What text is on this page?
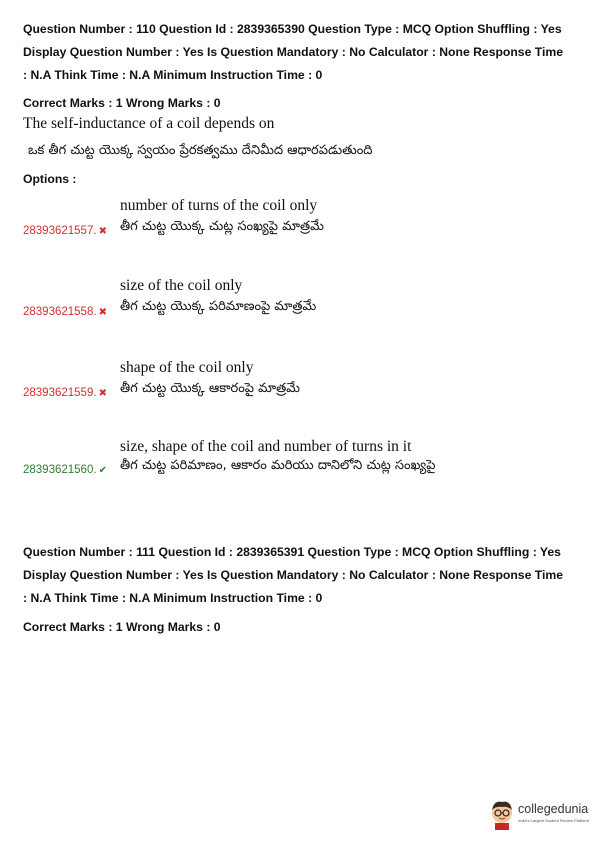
Question Number : 110 Question Id : 2839365390 Question Type : MCQ Option Shuffling : Yes
Display Question Number : Yes Is Question Mandatory : No Calculator : None Response Time
: N.A Think Time : N.A Minimum Instruction Time : 0
Correct Marks : 1 Wrong Marks : 0
The self-inductance of a coil depends on
ఒక తీగ చుట్ట యొక్క స్వయం ప్రేరకత్వము దేనిమీద ఆధారపడుతుంది
Options :
number of turns of the coil only
28393621557. ✖ తీగ చుట్ట యొక్క చుట్ల సంఖ్యపై మాత్రమే
size of the coil only
28393621558. ✖ తీగ చుట్ట యొక్క పరిమాణంపై మాత్రమే
shape of the coil only
28393621559. ✖ తీగ చుట్ట యొక్క ఆకారంపై మాత్రమే
size, shape of the coil and number of turns in it
28393621560. ✔ తీగ చుట్ట పరిమాణం, ఆకారం మరియు దానిలోని చుట్ల సంఖ్యపై
Question Number : 111 Question Id : 2839365391 Question Type : MCQ Option Shuffling : Yes
Display Question Number : Yes Is Question Mandatory : No Calculator : None Response Time
: N.A Think Time : N.A Minimum Instruction Time : 0
Correct Marks : 1 Wrong Marks : 0
collegedunia
India's Largest Student Review Platform
